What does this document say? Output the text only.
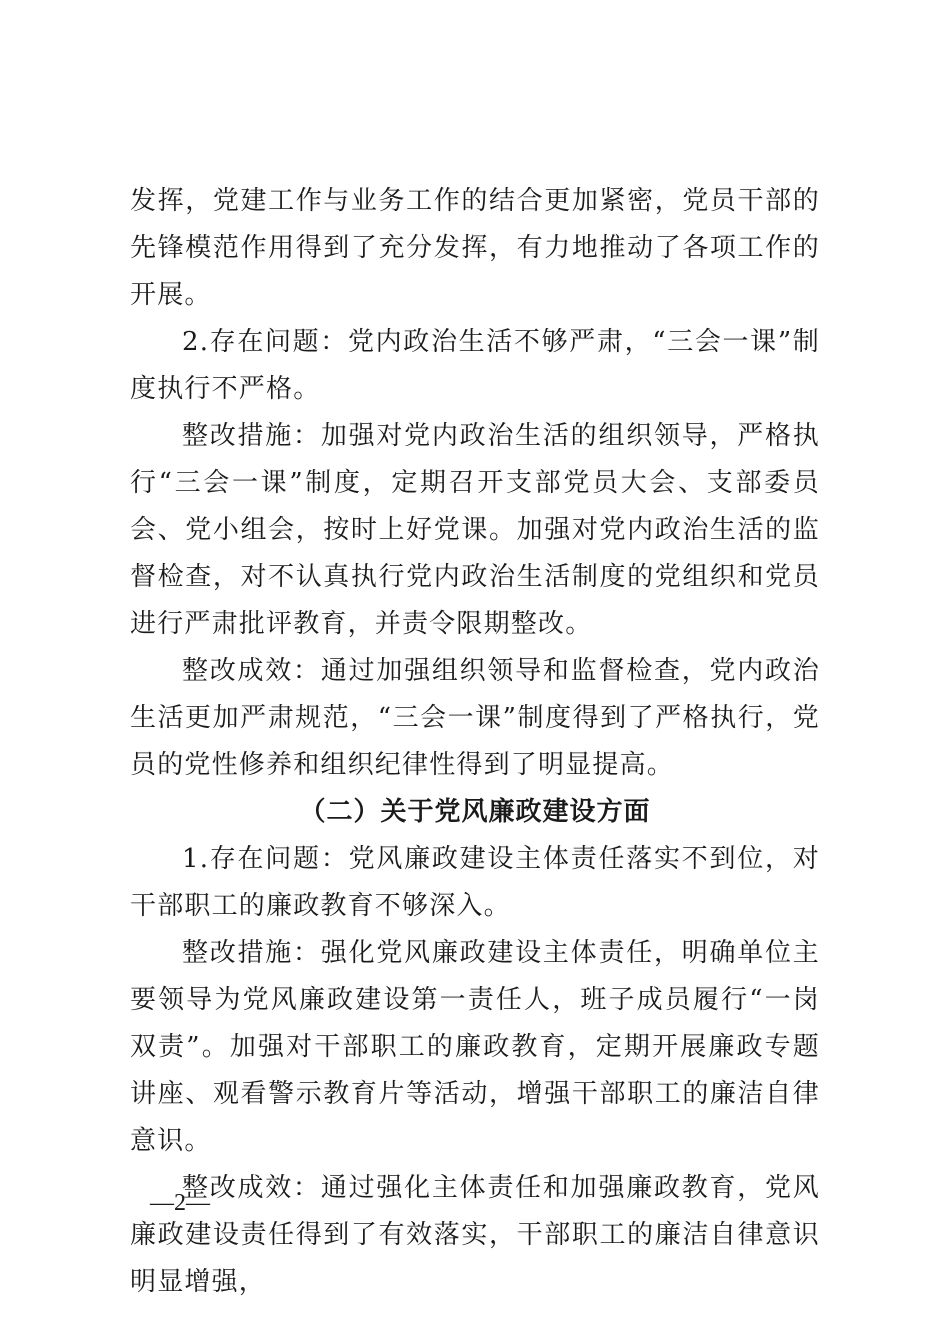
发挥，党建工作与业务工作的结合更加紧密，党员干部的先锋模范作用得到了充分发挥，有力地推动了各项工作的开展。

2.存在问题：党内政治生活不够严肃，“三会一课”制度执行不严格。

整改措施：加强对党内政治生活的组织领导，严格执行“三会一课”制度，定期召开支部党员大会、支部委员会、党小组会，按时上好党课。加强对党内政治生活的监督检查，对不认真执行党内政治生活制度的党组织和党员进行严肃批评教育，并责令限期整改。

整改成效：通过加强组织领导和监督检查，党内政治生活更加严肃规范，“三会一课”制度得到了严格执行，党员的党性修养和组织纪律性得到了明显提高。

（二）关于党风廉政建设方面

1.存在问题：党风廉政建设主体责任落实不到位，对干部职工的廉政教育不够深入。

整改措施：强化党风廉政建设主体责任，明确单位主要领导为党风廉政建设第一责任人，班子成员履行“一岗双责”。加强对干部职工的廉政教育，定期开展廉政专题讲座、观看警示教育片等活动，增强干部职工的廉洁自律意识。

整改成效：通过强化主体责任和加强廉政教育，党风廉政建设责任得到了有效落实，干部职工的廉洁自律意识明显增强，

—2—
